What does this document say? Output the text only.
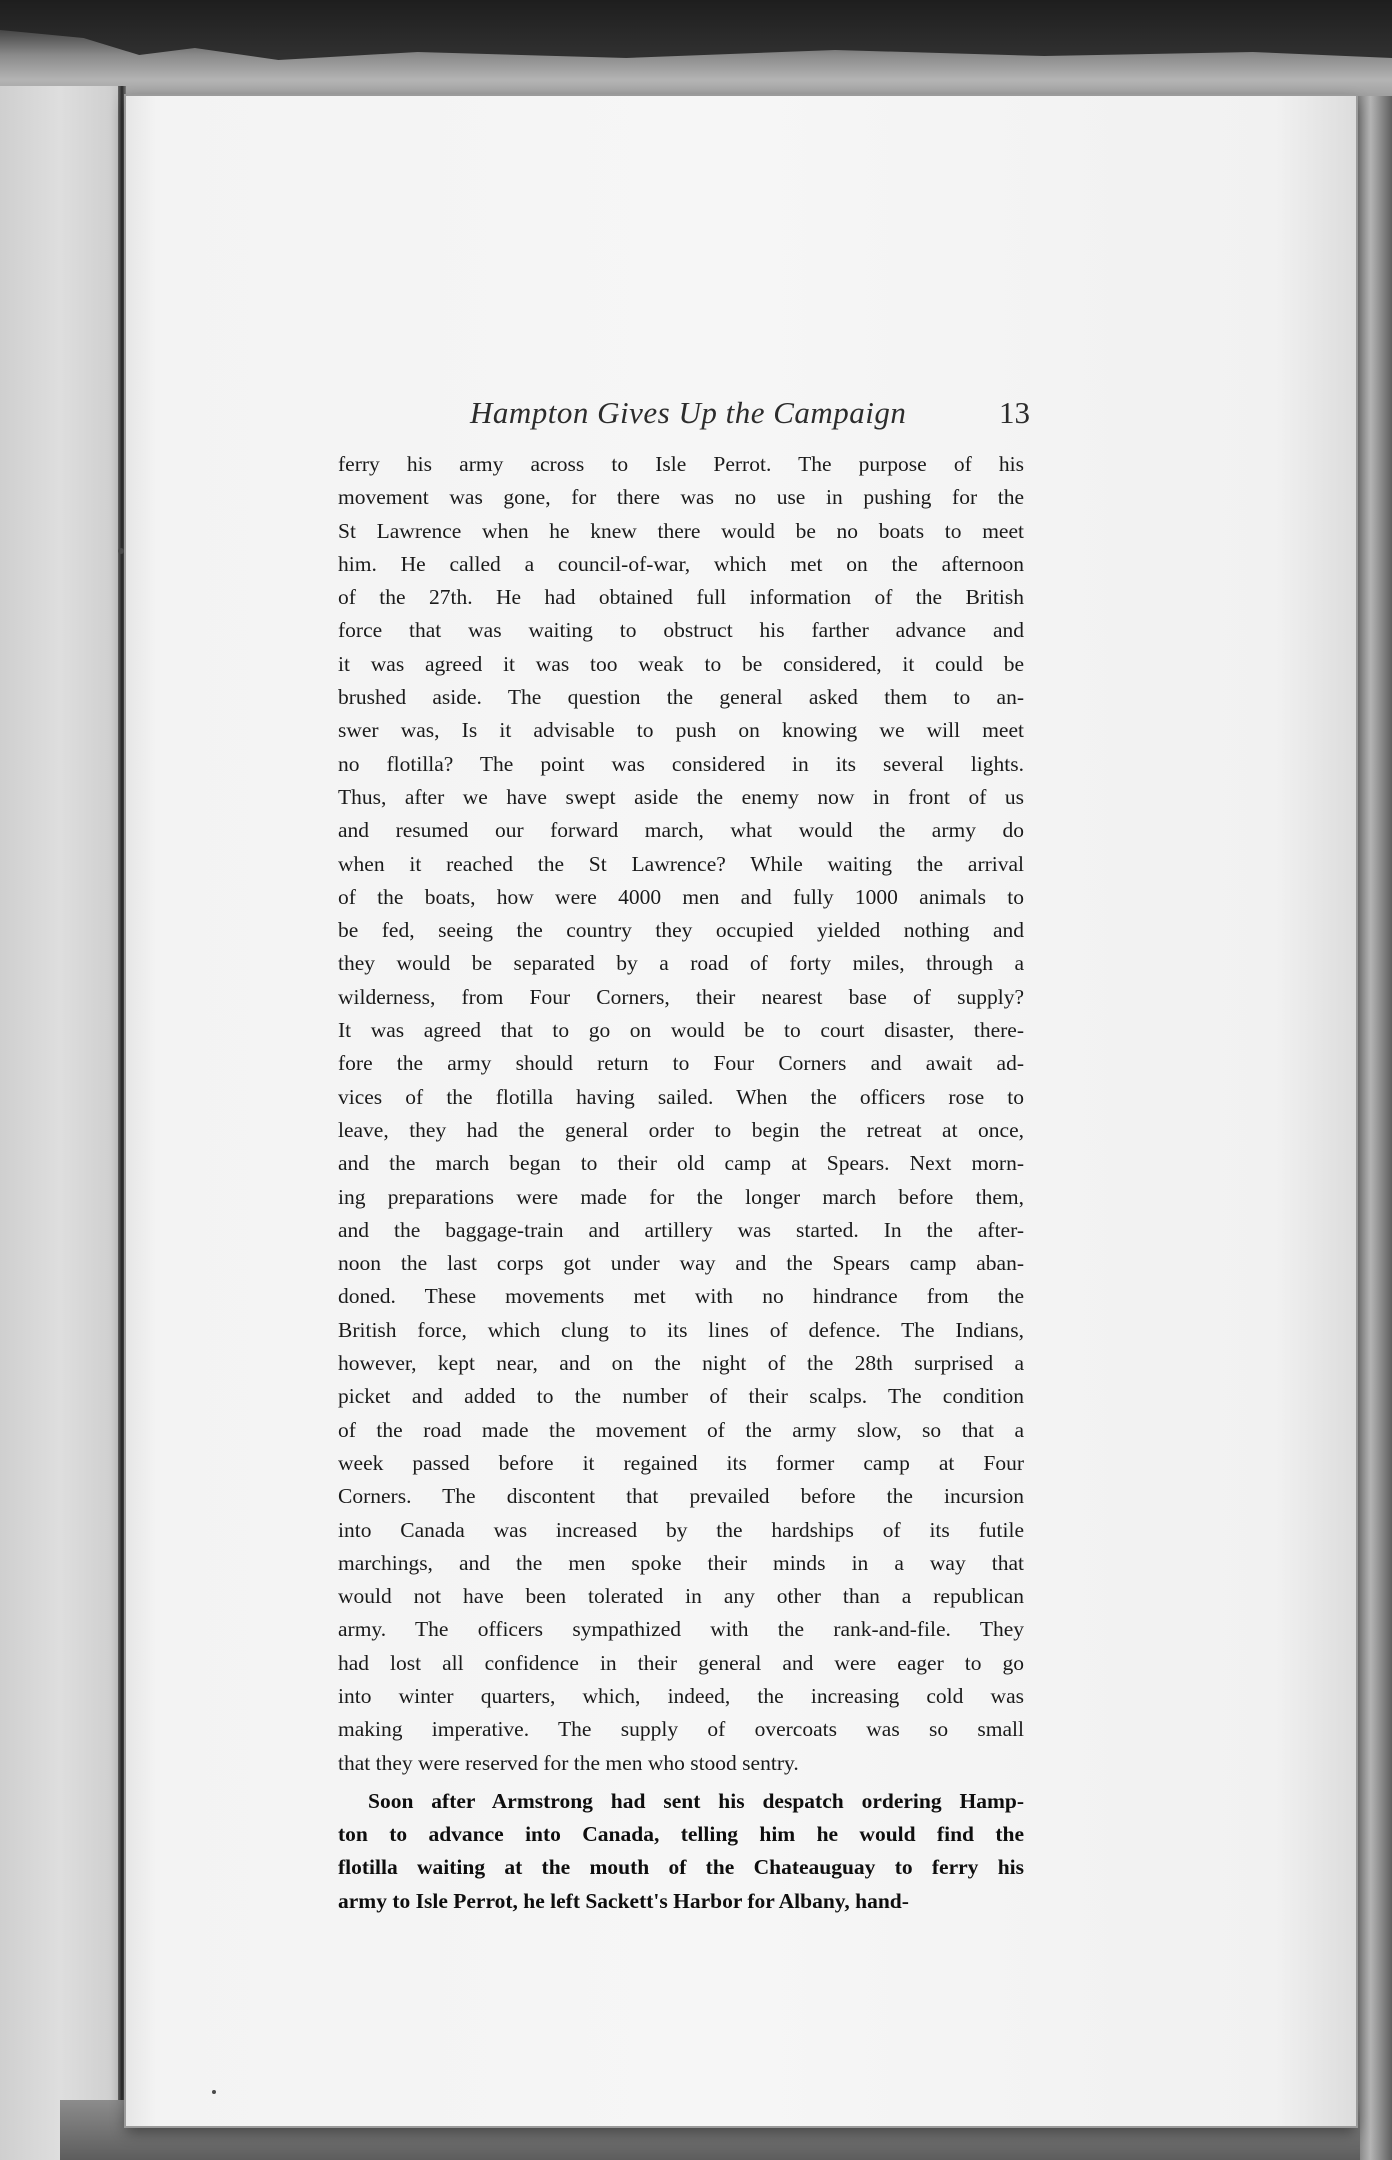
Hampton Gives Up the Campaign	13
ferry his army across to Isle Perrot. The purpose of his
movement was gone, for there was no use in pushing for the
St Lawrence when he knew there would be no boats to meet
him. He called a council-of-war, which met on the afternoon
of the 27th. He had obtained full information of the British
force that was waiting to obstruct his farther advance and
it was agreed it was too weak to be considered, it could be
brushed aside. The question the general asked them to an-
swer was, Is it advisable to push on knowing we will meet
no flotilla? The point was considered in its several lights.
Thus, after we have swept aside the enemy now in front of us
and resumed our forward march, what would the army do
when it reached the St Lawrence? While waiting the arrival
of the boats, how were 4000 men and fully 1000 animals to
be fed, seeing the country they occupied yielded nothing and
they would be separated by a road of forty miles, through a
wilderness, from Four Corners, their nearest base of supply?
It was agreed that to go on would be to court disaster, there-
fore the army should return to Four Corners and await ad-
vices of the flotilla having sailed. When the officers rose to
leave, they had the general order to begin the retreat at once,
and the march began to their old camp at Spears. Next morn-
ing preparations were made for the longer march before them,
and the baggage-train and artillery was started. In the after-
noon the last corps got under way and the Spears camp aban-
doned. These movements met with no hindrance from the
British force, which clung to its lines of defence. The Indians,
however, kept near, and on the night of the 28th surprised a
picket and added to the number of their scalps. The condition
of the road made the movement of the army slow, so that a
week passed before it regained its former camp at Four
Corners. The discontent that prevailed before the incursion
into Canada was increased by the hardships of its futile
marchings, and the men spoke their minds in a way that
would not have been tolerated in any other than a republican
army. The officers sympathized with the rank-and-file. They
had lost all confidence in their general and were eager to go
into winter quarters, which, indeed, the increasing cold was
making imperative. The supply of overcoats was so small
that they were reserved for the men who stood sentry.
Soon after Armstrong had sent his despatch ordering Hamp-
ton to advance into Canada, telling him he would find the
flotilla waiting at the mouth of the Chateauguay to ferry his
army to Isle Perrot, he left Sackett's Harbor for Albany, hand-
